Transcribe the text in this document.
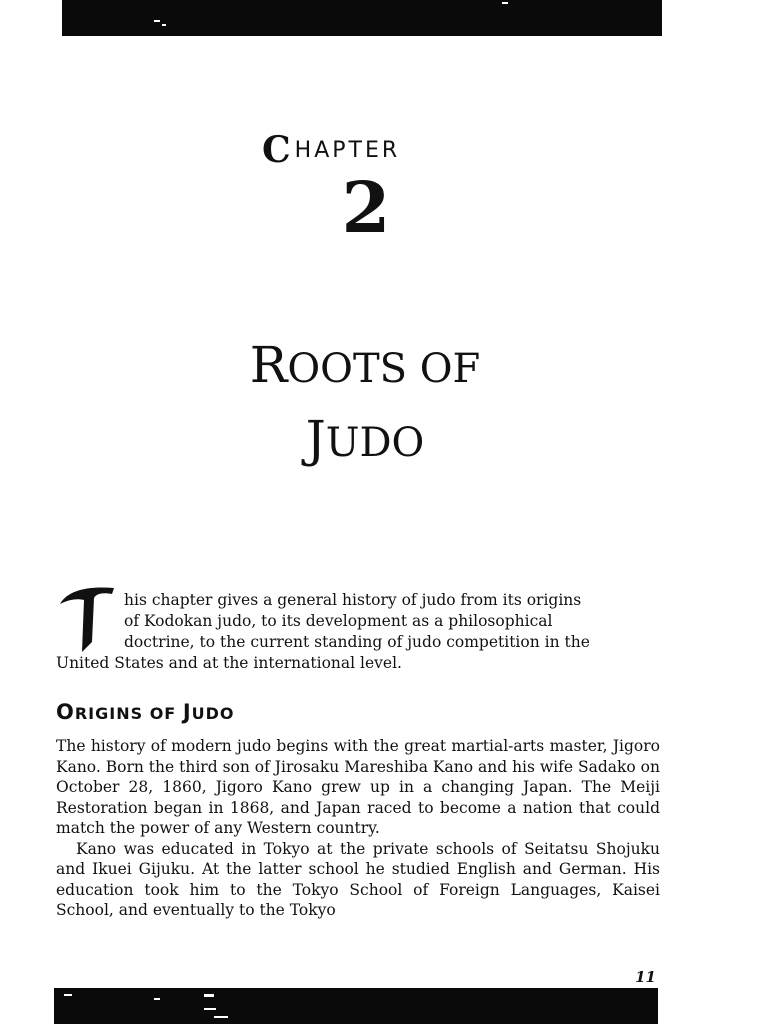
C HAPTER
2
ROOTS OF
JUDO

his chapter gives a general history of judo from its origins
of Kodokan judo, to its development as a philosophical
doctrine, to the current standing of judo competition in the
United States and at the international level.

ORIGINS OF JUDO

The history of modern judo begins with the great martial-arts master, Jigoro Kano. Born the third son of Jirosaku Mareshiba Kano and his wife Sadako on October 28, 1860, Jigoro Kano grew up in a changing Japan. The Meiji Restoration began in 1868, and Japan raced to become a nation that could match the power of any Western country.

Kano was educated in Tokyo at the private schools of Seitatsu Shojuku and Ikuei Gijuku. At the latter school he studied English and German. His education took him to the Tokyo School of Foreign Languages, Kaisei School, and eventually to the Tokyo

11
